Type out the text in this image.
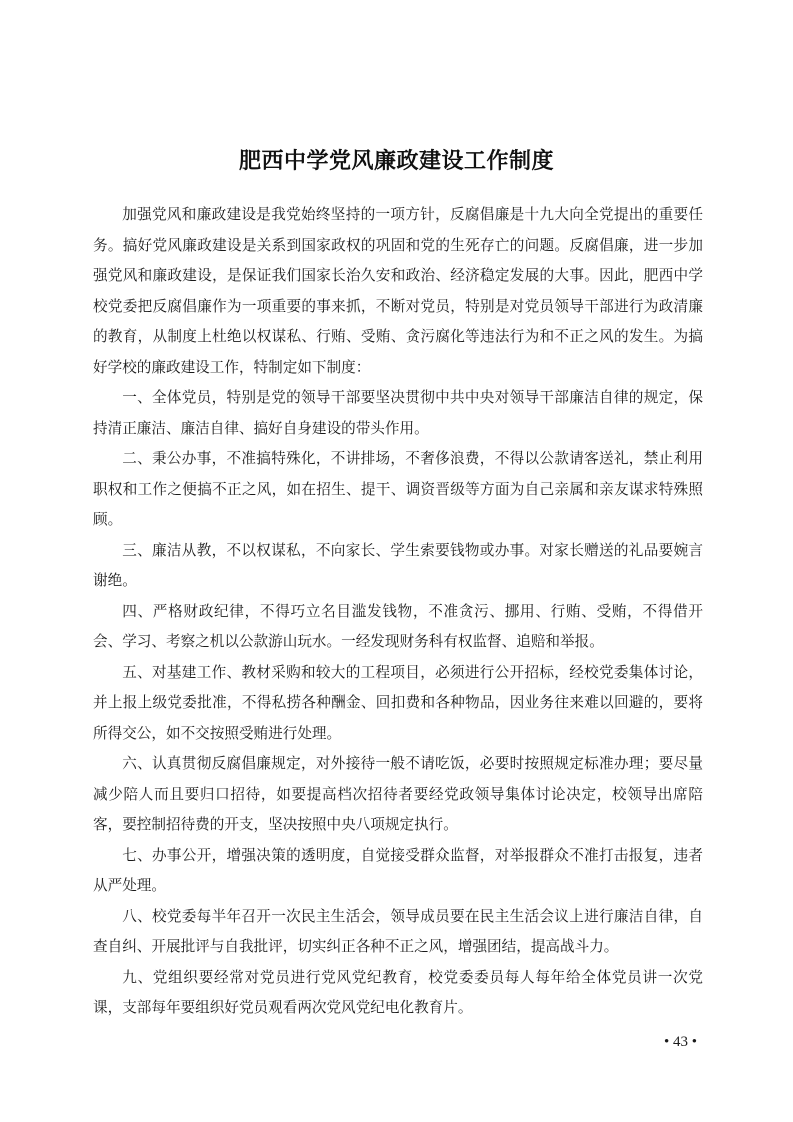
肥西中学党风廉政建设工作制度

加强党风和廉政建设是我党始终坚持的一项方针，反腐倡廉是十九大向全党提出的重要任务。搞好党风廉政建设是关系到国家政权的巩固和党的生死存亡的问题。反腐倡廉，进一步加强党风和廉政建设，是保证我们国家长治久安和政治、经济稳定发展的大事。因此，肥西中学校党委把反腐倡廉作为一项重要的事来抓，不断对党员，特别是对党员领导干部进行为政清廉的教育，从制度上杜绝以权谋私、行贿、受贿、贪污腐化等违法行为和不正之风的发生。为搞好学校的廉政建设工作，特制定如下制度：

一、全体党员，特别是党的领导干部要坚决贯彻中共中央对领导干部廉洁自律的规定，保持清正廉洁、廉洁自律、搞好自身建设的带头作用。

二、秉公办事，不准搞特殊化，不讲排场，不奢侈浪费，不得以公款请客送礼，禁止利用职权和工作之便搞不正之风，如在招生、提干、调资晋级等方面为自己亲属和亲友谋求特殊照顾。

三、廉洁从教，不以权谋私，不向家长、学生索要钱物或办事。对家长赠送的礼品要婉言谢绝。

四、严格财政纪律，不得巧立名目滥发钱物，不准贪污、挪用、行贿、受贿，不得借开会、学习、考察之机以公款游山玩水。一经发现财务科有权监督、追赔和举报。

五、对基建工作、教材采购和较大的工程项目，必须进行公开招标，经校党委集体讨论，并上报上级党委批准，不得私捞各种酬金、回扣费和各种物品，因业务往来难以回避的，要将所得交公，如不交按照受贿进行处理。

六、认真贯彻反腐倡廉规定，对外接待一般不请吃饭，必要时按照规定标准办理；要尽量减少陪人而且要归口招待，如要提高档次招待者要经党政领导集体讨论决定，校领导出席陪客，要控制招待费的开支，坚决按照中央八项规定执行。

七、办事公开，增强决策的透明度，自觉接受群众监督，对举报群众不准打击报复，违者从严处理。

八、校党委每半年召开一次民主生活会，领导成员要在民主生活会议上进行廉洁自律，自查自纠、开展批评与自我批评，切实纠正各种不正之风，增强团结，提高战斗力。

九、党组织要经常对党员进行党风党纪教育，校党委委员每人每年给全体党员讲一次党课，支部每年要组织好党员观看两次党风党纪电化教育片。

• 43 •
